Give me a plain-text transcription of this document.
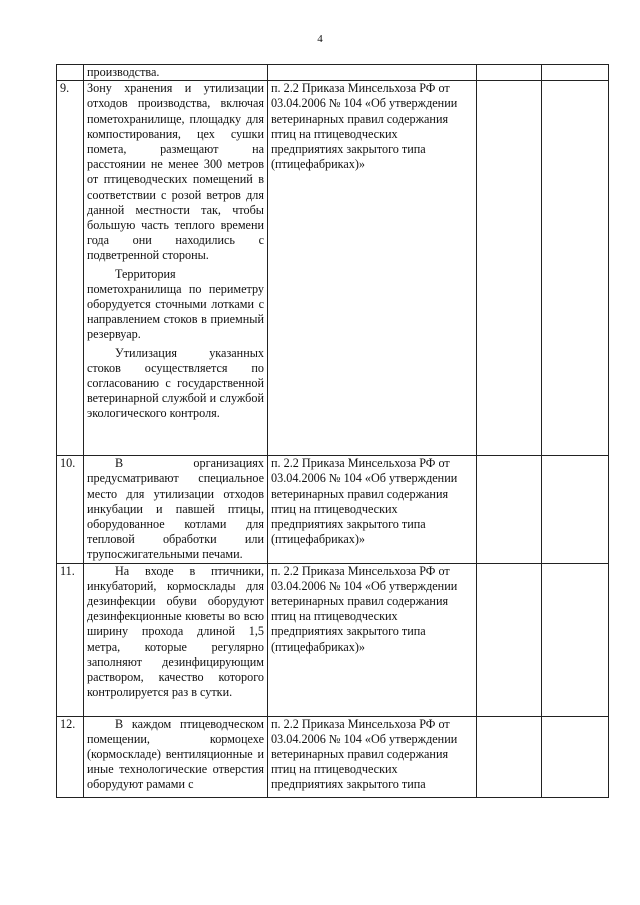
4

	производства.			

9.	Зону хранения и утилизации отходов производства, включая пометохранилище, площадку для компостирования, цех сушки помета, размещают на расстоянии не менее 300 метров от птицеводческих помещений в соответствии с розой ветров для данной местности так, чтобы большую часть теплого времени года они находились с подветренной стороны.

Территория пометохранилища по периметру оборудуется сточными лотками с направлением стоков в приемный резервуар.

Утилизация указанных стоков осуществляется по согласованию с государственной ветеринарной службой и службой экологического контроля.	п. 2.2 Приказа Минсельхоза РФ от 03.04.2006 № 104 «Об утверждении ветеринарных правил содержания птиц на птицеводческих предприятиях закрытого типа (птицефабриках)»		
10.	В организациях предусматривают специальное место для утилизации отходов инкубации и павшей птицы, оборудованное котлами для тепловой обработки или трупосжигательными печами.	п. 2.2 Приказа Минсельхоза РФ от 03.04.2006 № 104 «Об утверждении ветеринарных правил содержания птиц на птицеводческих предприятиях закрытого типа (птицефабриках)»		
11.	На входе в птичники, инкубаторий, кормосклады для дезинфекции обуви оборудуют дезинфекционные кюветы во всю ширину прохода длиной 1,5 метра, которые регулярно заполняют дезинфицирующим раствором, качество которого контролируется раз в сутки.	п. 2.2 Приказа Минсельхоза РФ от 03.04.2006 № 104 «Об утверждении ветеринарных правил содержания птиц на птицеводческих предприятиях закрытого типа (птицефабриках)»		
12.	В каждом птицеводческом помещении, кормоцехе (кормоскладе) вентиляционные и иные технологические отверстия оборудуют рамами с	п. 2.2 Приказа Минсельхоза РФ от 03.04.2006 № 104 «Об утверждении ветеринарных правил содержания птиц на птицеводческих предприятиях закрытого типа		
